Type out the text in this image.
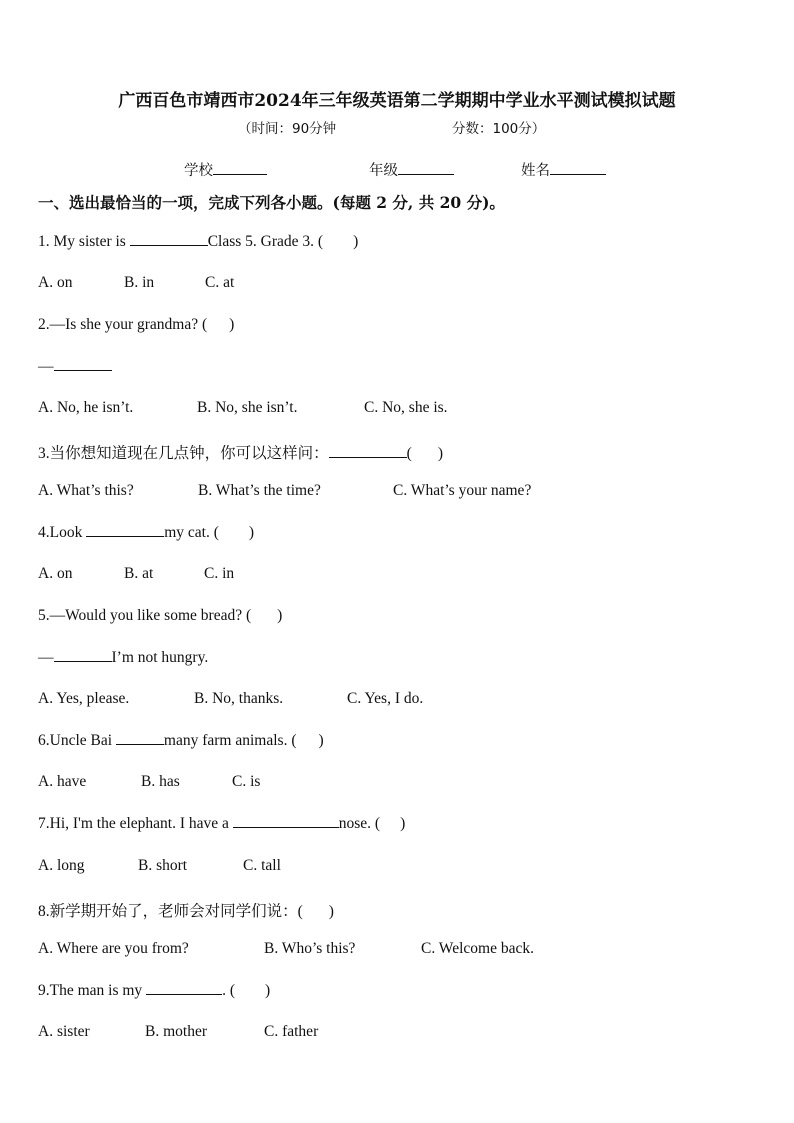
广西百色市靖西市2024年三年级英语第二学期期中学业水平测试模拟试题
（时间：90分钟	分数：100分）
学校	年级	姓名
一、选出最恰当的一项，完成下列各小题。(每题 2 分, 共 20 分)。
1. My sister is	Class 5. Grade 3. ( )
A. on	B. in	C. at
2.—Is she your grandma? ( )
—
A. No, he isn’t.	B. No, she isn’t.	C. No, she is.
3.当你想知道现在几点钟，你可以这样问：	( )
A. What’s this?	B. What’s the time?	C. What’s your name?
4.Look	my cat. ( )
A. on	B. at	C. in
5.—Would you like some bread? ( )
—	I’m not hungry.
A. Yes, please.	B. No, thanks.	C. Yes, I do.
6.Uncle Bai	many farm animals. ( )
A. have	B. has	C. is
7.Hi, I'm the elephant. I have a	nose. ( )
A. long	B. short	C. tall
8.新学期开始了，老师会对同学们说：( )
A. Where are you from?	B. Who’s this?	C. Welcome back.
9.The man is my	. ( )
A. sister	B. mother	C. father
